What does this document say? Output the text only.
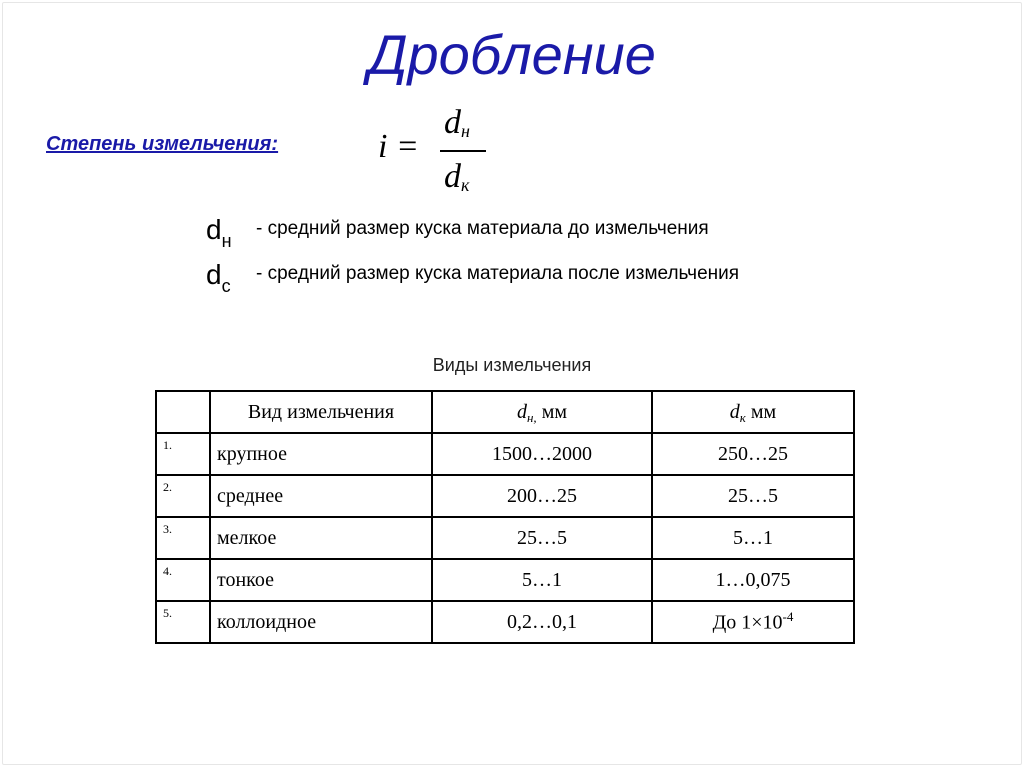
Дробление
Степень измельчения:	i =
dн
dк
$d_н$
- средний размер куска материала до измельчения
$d_c$
- средний размер куска материала после измельчения
Виды измельчения
	Вид измельчения	$d_{н,}$ мм	$d_к$ мм
1.	крупное	1500…2000	250…25
2.	среднее	200…25	25…5
3.	мелкое	25…5	5…1
4.	тонкое	5…1	1…0,075
5.	коллоидное	0,2…0,1	До $1\times 10^{-4}$
